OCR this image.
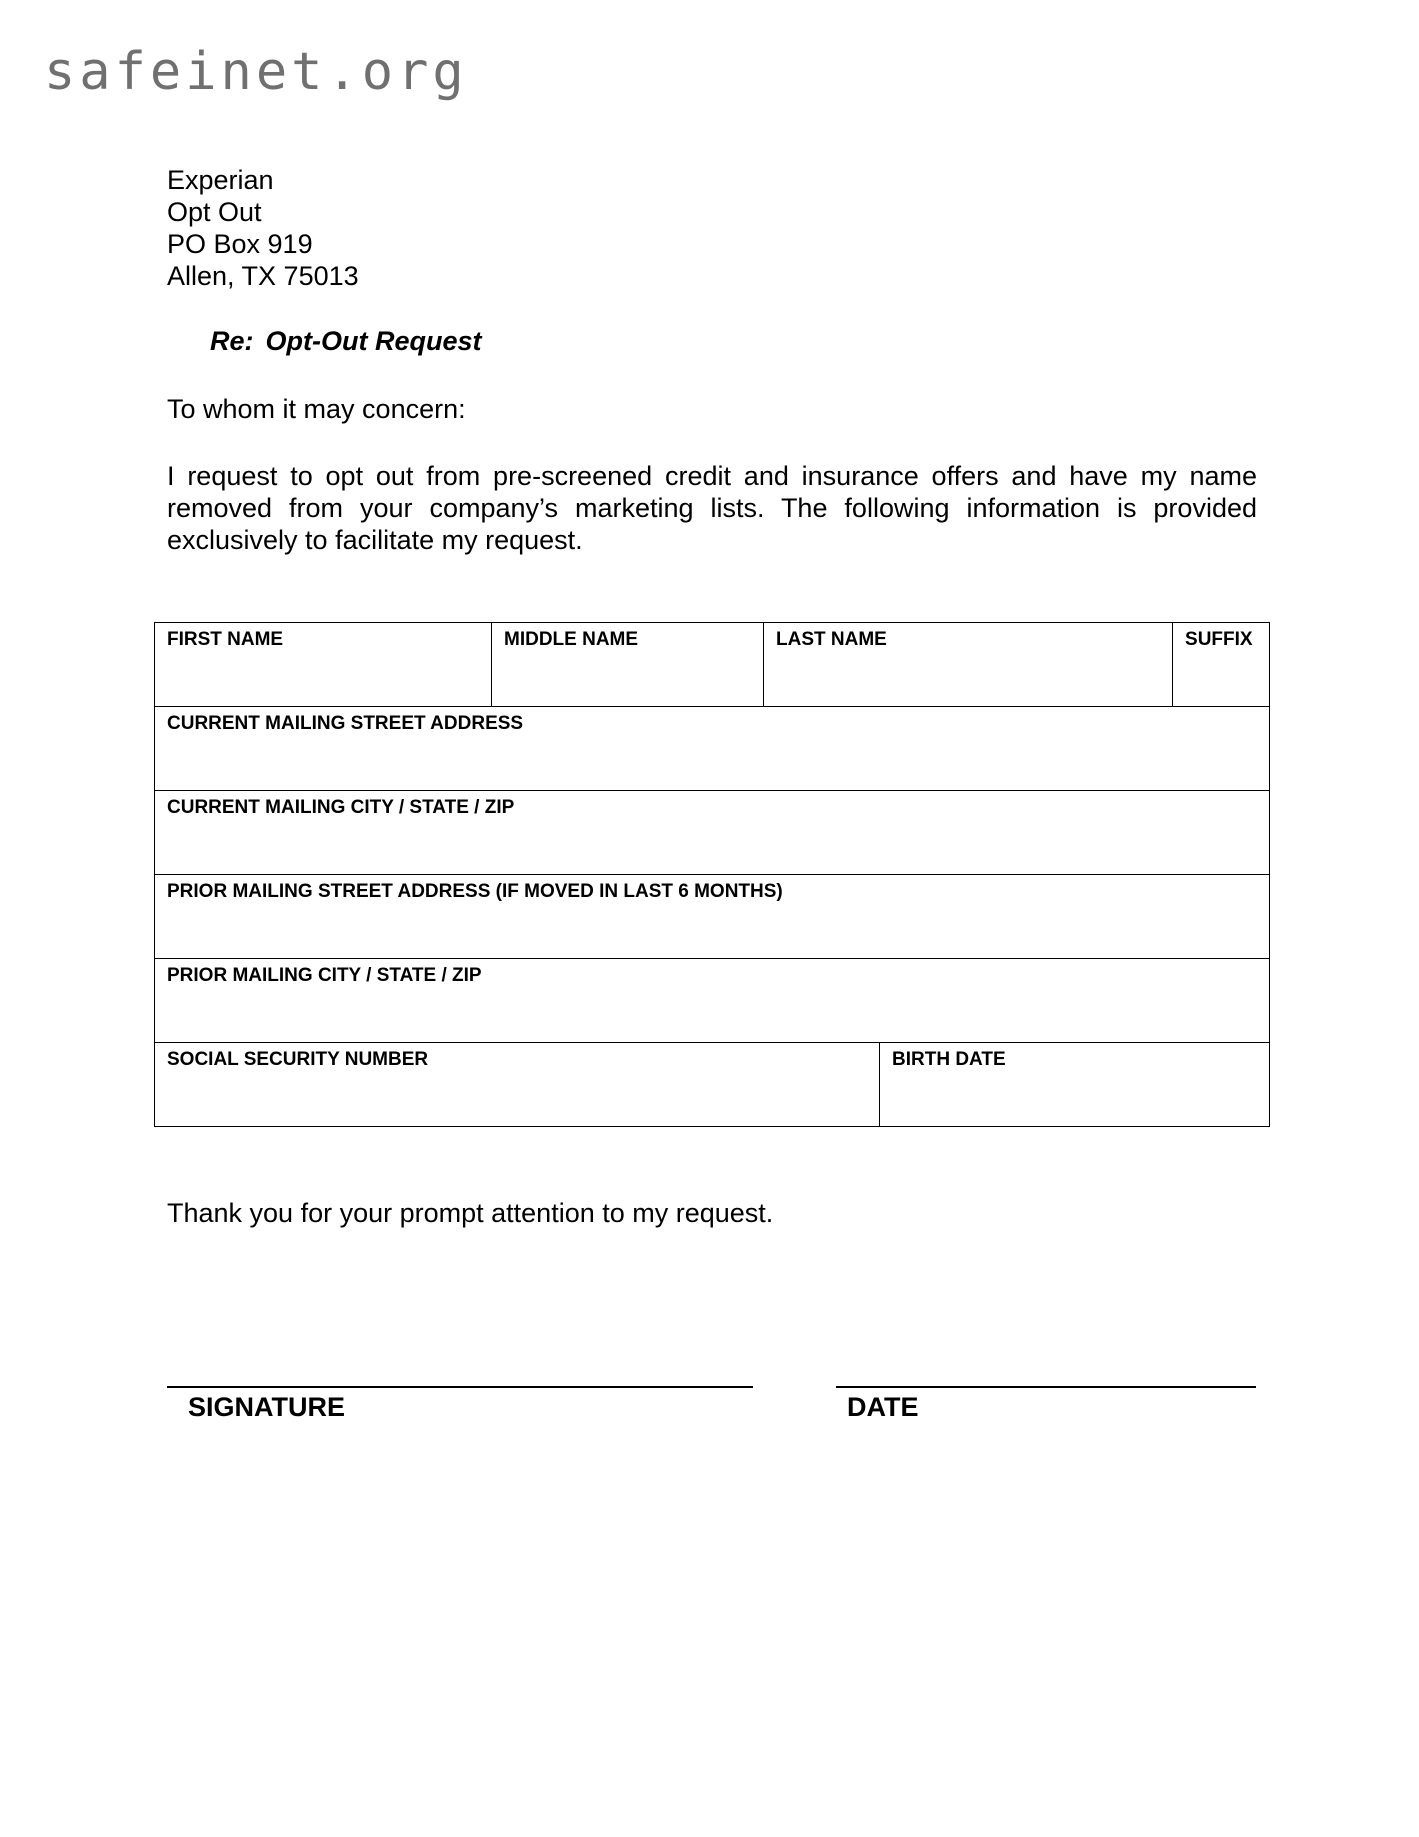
safeinet.org
Experian
Opt Out
PO Box 919
Allen, TX 75013
Re: Opt-Out Request
To whom it may concern:
I request to opt out from pre-screened credit and insurance offers and have my name removed from your company’s marketing lists. The following information is provided exclusively to facilitate my request.
FIRST NAME	MIDDLE NAME	LAST NAME		SUFFIX

CURRENT MAILING STREET ADDRESS				

CURRENT MAILING CITY / STATE / ZIP				

PRIOR MAILING STREET ADDRESS (IF MOVED IN LAST 6 MONTHS)				

PRIOR MAILING CITY / STATE / ZIP				

SOCIAL SECURITY NUMBER			BIRTH DATE	
Thank you for your prompt attention to my request.
SIGNATURE	DATE
